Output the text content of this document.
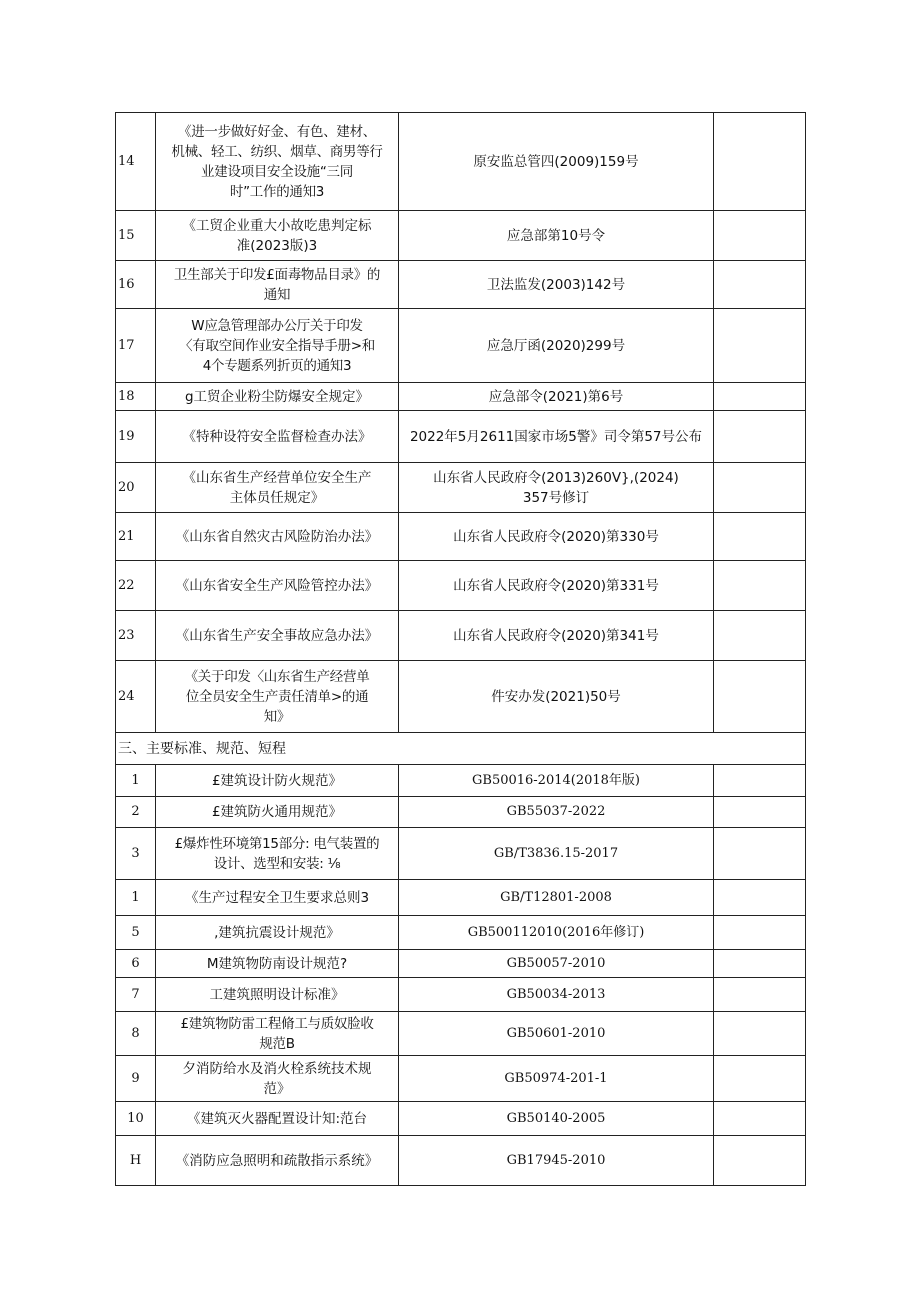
14	《进一步做好好金、有色、建材、
机械、轻工、纺织、烟草、商男等行
业建设项目安全设施“三同
时”工作的通知3	原安监总管四(2009)159号	
15	《工贸企业重大小故吃患判定标
准(2023版)3	应急部第10号令	
16	卫生部关于印发£面毒物品目录》的
通知	卫法监发(2003)142号	
17	W应急管理部办公厅关于印发
〈有取空间作业安全指导手册>和
4个专题系列折页的通知3	应急厅函(2020)299号	
18	g工贸企业粉尘防爆安全规定》	应急部令(2021)第6号	
19	《特种设符安全监督检查办法》	2022年5月2611国家市场5警》司令第57号公布	
20	《山东省生产经营单位安全生产
主体员任规定》	山东省人民政府令(2013)260V},(2024)
357号修订	
21	《山东省自然灾古风险防治办法》	山东省人民政府令(2020)第330号	
22	《山东省安全生产风险管控办法》	山东省人民政府令(2020)第331号	
23	《山东省生产安全事故应急办法》	山东省人民政府令(2020)第341号	
24	《关于印发〈山东省生产经营单
位全员安全生产责任清单>的通
知》	件安办发(2021)50号	
三、主要标准、规范、短程			
1	£建筑设计防火规范》	GB50016-2014(2018年版)	
2	£建筑防火通用规范》	GB55037-2022	
3	£爆炸性环境第15部分: 电气装置的
设计、选型和安装: ⅛	GB/T3836.15-2017	
1	《生产过程安全卫生要求总则3	GB/T12801-2008	
5	,建筑抗震设计规范》	GB500112010(2016年修订)	
6	M建筑物防南设计规范?	GB50057-2010	
7	工建筑照明设计标准》	GB50034-2013	
8	£建筑物防雷工程脩工与质奴脸收
规范B	GB50601-2010	
9	夕消防给水及消火栓系统技术规
范》	GB50974-201-1	
10	《建筑灭火器配置设计知:范台	GB50140-2005	
H	《消防应急照明和疏散指示系统》	GB17945-2010	
